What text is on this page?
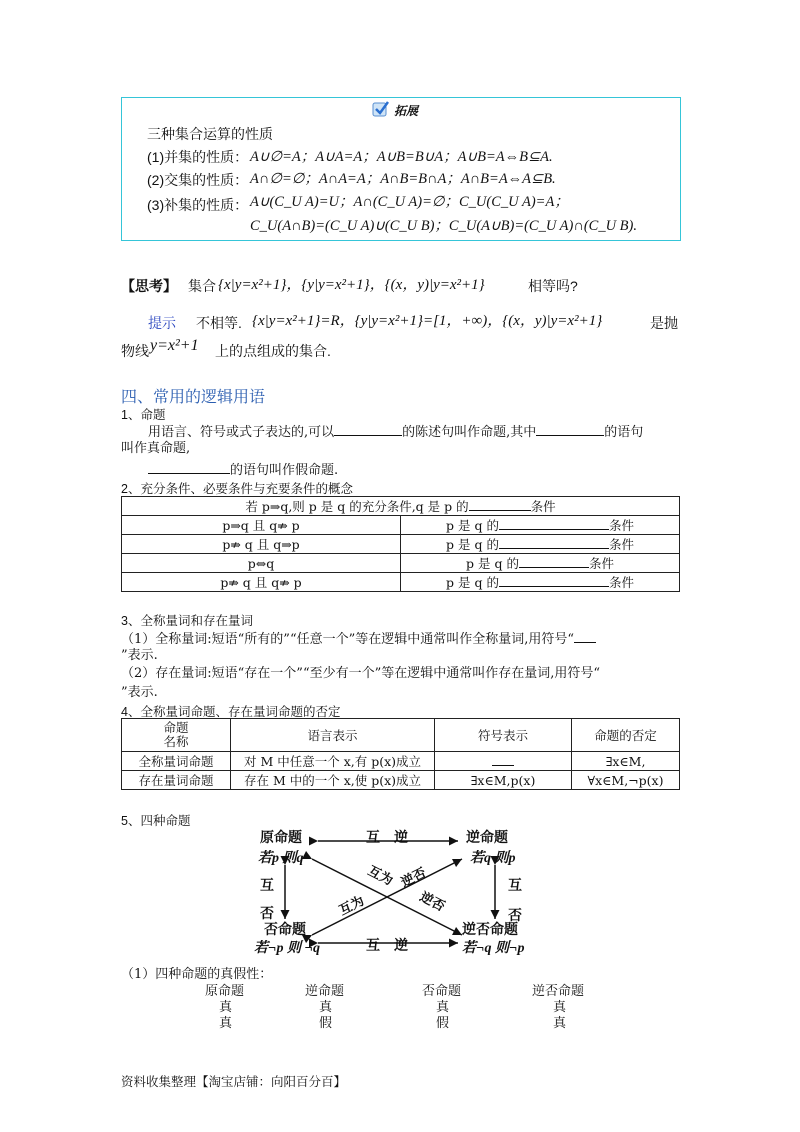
拓展
三种集合运算的性质
(1)并集的性质： A∪∅=A；A∪A=A；A∪B=B∪A；A∪B=A⇔B⊆A.
(2)交集的性质： A∩∅=∅；A∩A=A；A∩B=B∩A；A∩B=A⇔A⊆B.
(3)补集的性质： A∪(C_U A)=U；A∩(C_U A)=∅；C_U(C_U A)=A；
C_U(A∩B)=(C_U A)∪(C_U B)；C_U(A∪B)=(C_U A)∩(C_U B).
【思考】 集合 {x|y=x²+1}，{y|y=x²+1}，{(x，y)|y=x²+1}	相等吗?
提示 不相等. {x|y=x²+1}=R，{y|y=x²+1}=[1，+∞)，{(x，y)|y=x²+1}	是抛
物线 y=x²+1 上的点组成的集合.
四、常用的逻辑用语
1、命题
用语言、符号或式子表达的,可以	的陈述句叫作命题,其中	的语句
叫作真命题,
的语句叫作假命题.
2、充分条件、必要条件与充要条件的概念
若 p⇒q,则 p 是 q 的充分条件,q 是 p 的 条件	
p⇒q 且 q⇏ p	p 是 q 的 条件
p⇏ q 且 q⇒p	p 是 q 的 条件
p⇔q	p 是 q 的 条件
p⇏ q 且 q⇏ p	p 是 q 的 条件
3、全称量词和存在量词
（1）全称量词:短语“所有的”“任意一个”等在逻辑中通常叫作全称量词,用符号“
”表示.
（2）存在量词:短语“存在一个”“至少有一个”等在逻辑中通常叫作存在量词,用符号“
”表示.
4、全称量词命题、存在量词命题的否定
命题
名称	语言表示	符号表示	命题的否定
全称量词命题	对 M 中任意一个 x,有 p(x)成立		∃x∈M,
存在量词命题	存在 M 中的一个 x,使 p(x)成立	∃x∈M,p(x)	∀x∈M,¬p(x)
5、四种命题
原命题
若p 则q
逆命题
若q 则p
否命题
若¬p 则 ¬q
逆否命题
若¬q 则¬p
互　逆
互　逆
互
否
互
否
互为 逆否
互为	逆否
（1）四种命题的真假性：
原命题	逆命题	否命题	逆否命题
真	真	真	真
真	假	假	真
资料收集整理【淘宝店铺：向阳百分百】
